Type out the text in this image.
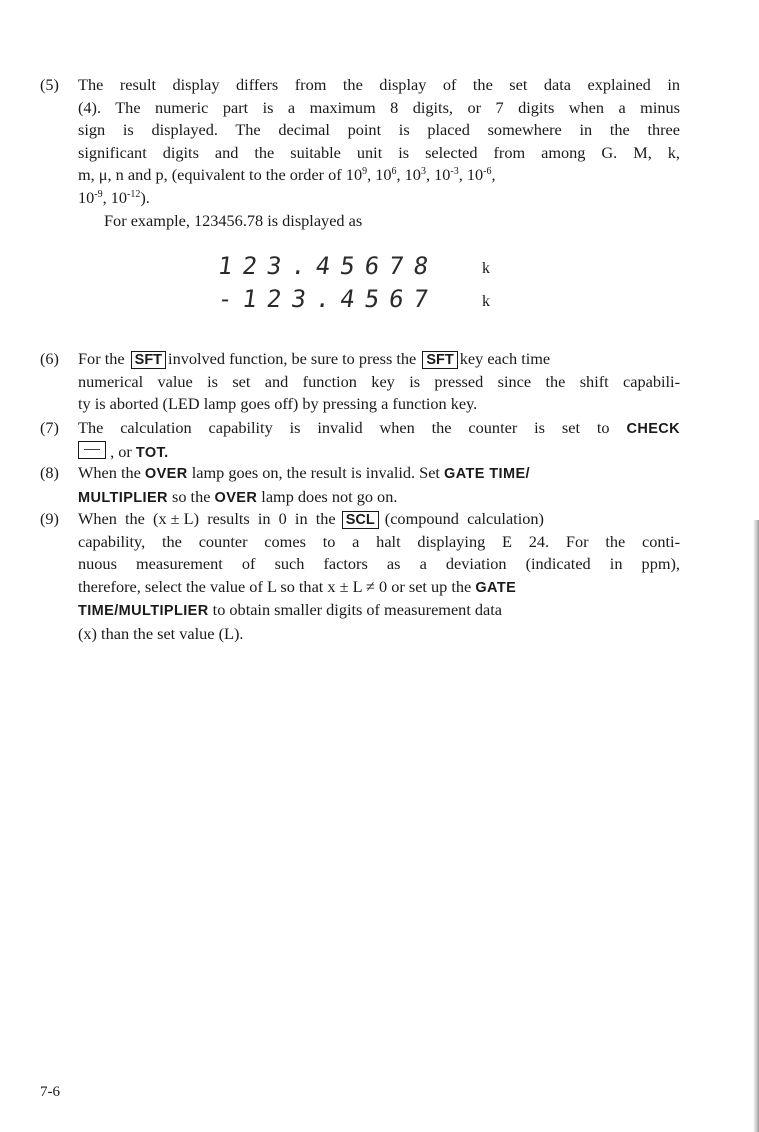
(5) The result display differs from the display of the set data explained in
(4). The numeric part is a maximum 8 digits, or 7 digits when a minus
sign is displayed. The decimal point is placed somewhere in the three
significant digits and the suitable unit is selected from among G. M, k,
m, μ, n and p, (equivalent to the order of $10^9$, $10^6$, $10^3$, $10^{-3}$, $10^{-6}$,
$10^{-9}$, $10^{-12}$).
For example, 123456.78 is displayed as
123.45678	k
-123.4567	k
(6) For the SFT involved function, be sure to press the SFT key each time
numerical value is set and function key is pressed since the shift capabili-
ty is aborted (LED lamp goes off) by pressing a function key.
(7) The calculation capability is invalid when the counter is set to CHECK
, or TOT.
(8) When the OVER lamp goes on, the result is invalid. Set GATE TIME/
MULTIPLIER so the OVER lamp does not go on.
(9) When  the  (x ± L)  results  in  0  in  the SCL (compound  calculation)
capability, the counter comes to a halt displaying E 24. For the conti-
nuous measurement of such factors as a deviation (indicated in ppm),
therefore, select the value of L so that x ± L ≠ 0 or set up the GATE
TIME/MULTIPLIER to obtain smaller digits of measurement data
(x) than the set value (L).
7-6
